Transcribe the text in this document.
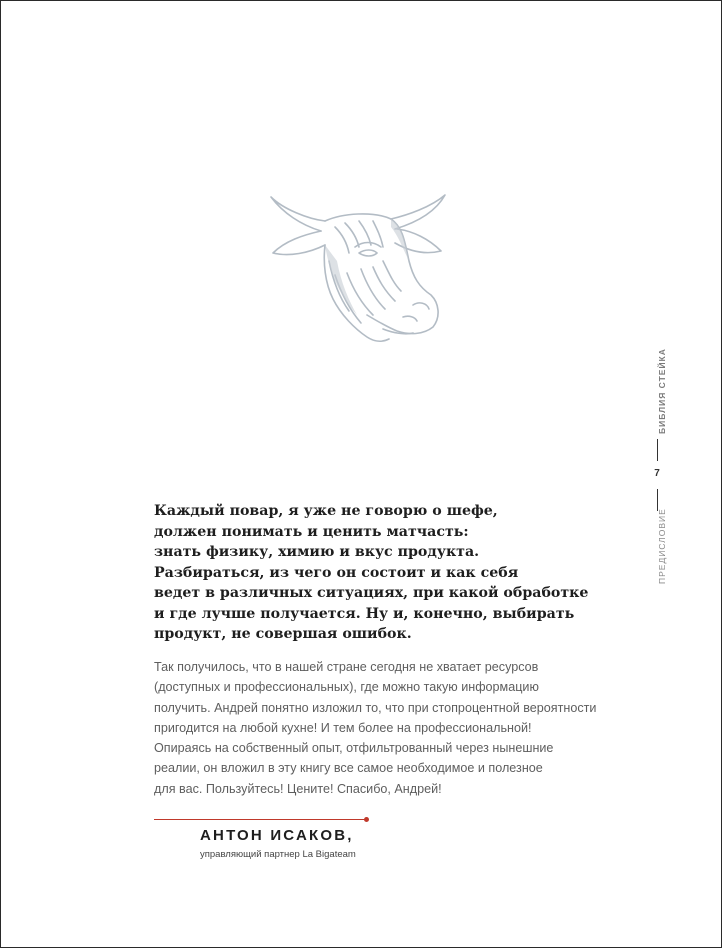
БИБЛИЯ СТЕЙКА
7
ПРЕДИСЛОВИЕ
Каждый повар, я уже не говорю о шефе,
должен понимать и ценить матчасть:
знать физику, химию и вкус продукта.
Разбираться, из чего он состоит и как себя
ведет в различных ситуациях, при какой обработке
и где лучше получается. Ну и, конечно, выбирать
продукт, не совершая ошибок.
Так получилось, что в нашей стране сегодня не хватает ресурсов
(доступных и профессиональных), где можно такую информацию
получить. Андрей понятно изложил то, что при стопроцентной вероятности
пригодится на любой кухне! И тем более на профессиональной!
Опираясь на собственный опыт, отфильтрованный через нынешние
реалии, он вложил в эту книгу все самое необходимое и полезное
для вас. Пользуйтесь! Цените! Спасибо, Андрей!
АНТОН ИСАКОВ,
управляющий партнер La Bigateam
